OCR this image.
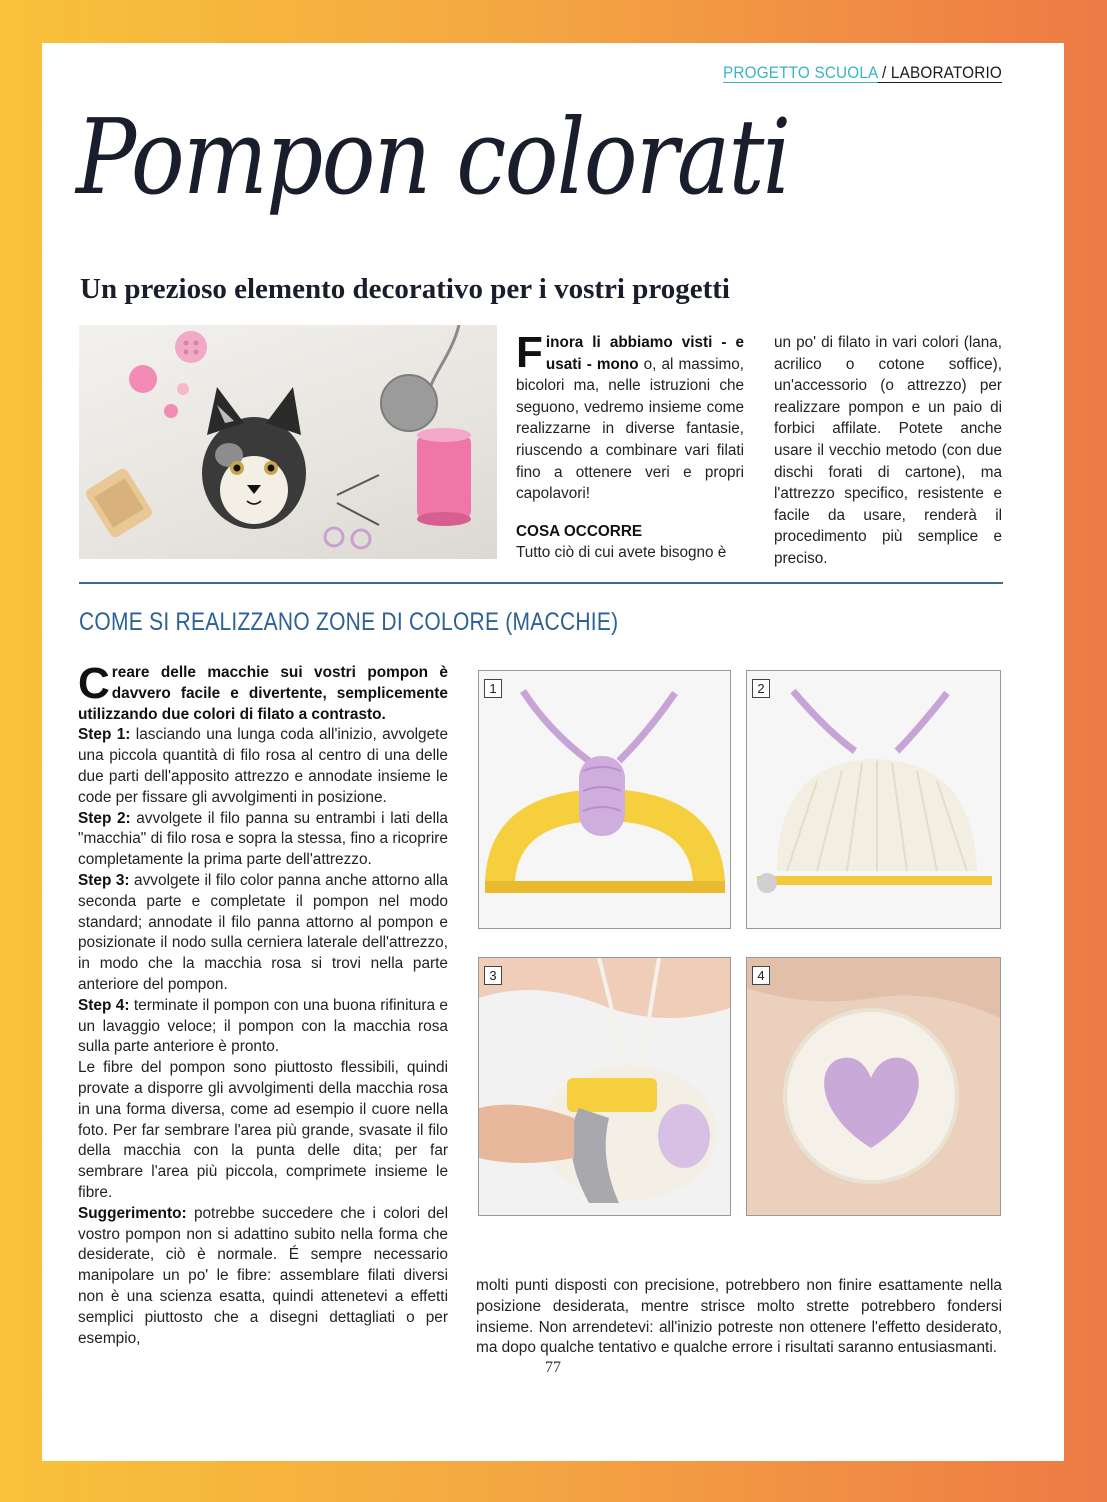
PROGETTO SCUOLA / LABORATORIO
Pompon colorati
Un prezioso elemento decorativo per i vostri progetti
Finora li abbiamo visti - e usati - mono o, al massimo, bicolori ma, nelle istruzioni che seguono, vedremo insieme come realizzarne in diverse fantasie, riuscendo a combinare vari filati fino a ottenere veri e propri capolavori!
COSA OCCORRE
Tutto ciò di cui avete bisogno è
un po' di filato in vari colori (lana, acrilico o cotone soffice), un'accessorio (o attrezzo) per realizzare pompon e un paio di forbici affilate. Potete anche usare il vecchio metodo (con due dischi forati di cartone), ma l'attrezzo specifico, resistente e facile da usare, renderà il procedimento più semplice e preciso.
COME SI REALIZZANO ZONE DI COLORE (MACCHIE)

Creare delle macchie sui vostri pompon è davvero facile e divertente, semplicemente utilizzando due colori di filato a contrasto.

Step 1: lasciando una lunga coda all'inizio, avvolgete una piccola quantità di filo rosa al centro di una delle due parti dell'apposito attrezzo e annodate insieme le code per fissare gli avvolgimenti in posizione.

Step 2: avvolgete il filo panna su entrambi i lati della "macchia" di filo rosa e sopra la stessa, fino a ricoprire completamente la prima parte dell'attrezzo.

Step 3: avvolgete il filo color panna anche attorno alla seconda parte e completate il pompon nel modo standard; annodate il filo panna attorno al pompon e posizionate il nodo sulla cerniera laterale dell'attrezzo, in modo che la macchia rosa si trovi nella parte anteriore del pompon.

Step 4: terminate il pompon con una buona rifinitura e un lavaggio veloce; il pompon con la macchia rosa sulla parte anteriore è pronto.

Le fibre del pompon sono piuttosto flessibili, quindi provate a disporre gli avvolgimenti della macchia rosa in una forma diversa, come ad esempio il cuore nella foto. Per far sembrare l'area più grande, svasate il filo della macchia con la punta delle dita; per far sembrare l'area più piccola, comprimete insieme le fibre.

Suggerimento: potrebbe succedere che i colori del vostro pompon non si adattino subito nella forma che desiderate, ciò è normale. É sempre necessario manipolare un po' le fibre: assemblare filati diversi non è una scienza esatta, quindi attenetevi a effetti semplici piuttosto che a disegni dettagliati o per esempio,

1	2
3	4
molti punti disposti con precisione, potrebbero non finire esattamente nella posizione desiderata, mentre strisce molto strette potrebbero fondersi insieme. Non arrendetevi: all'inizio potreste non ottenere l'effetto desiderato, ma dopo qualche tentativo e qualche errore i risultati saranno entusiasmanti.
77
